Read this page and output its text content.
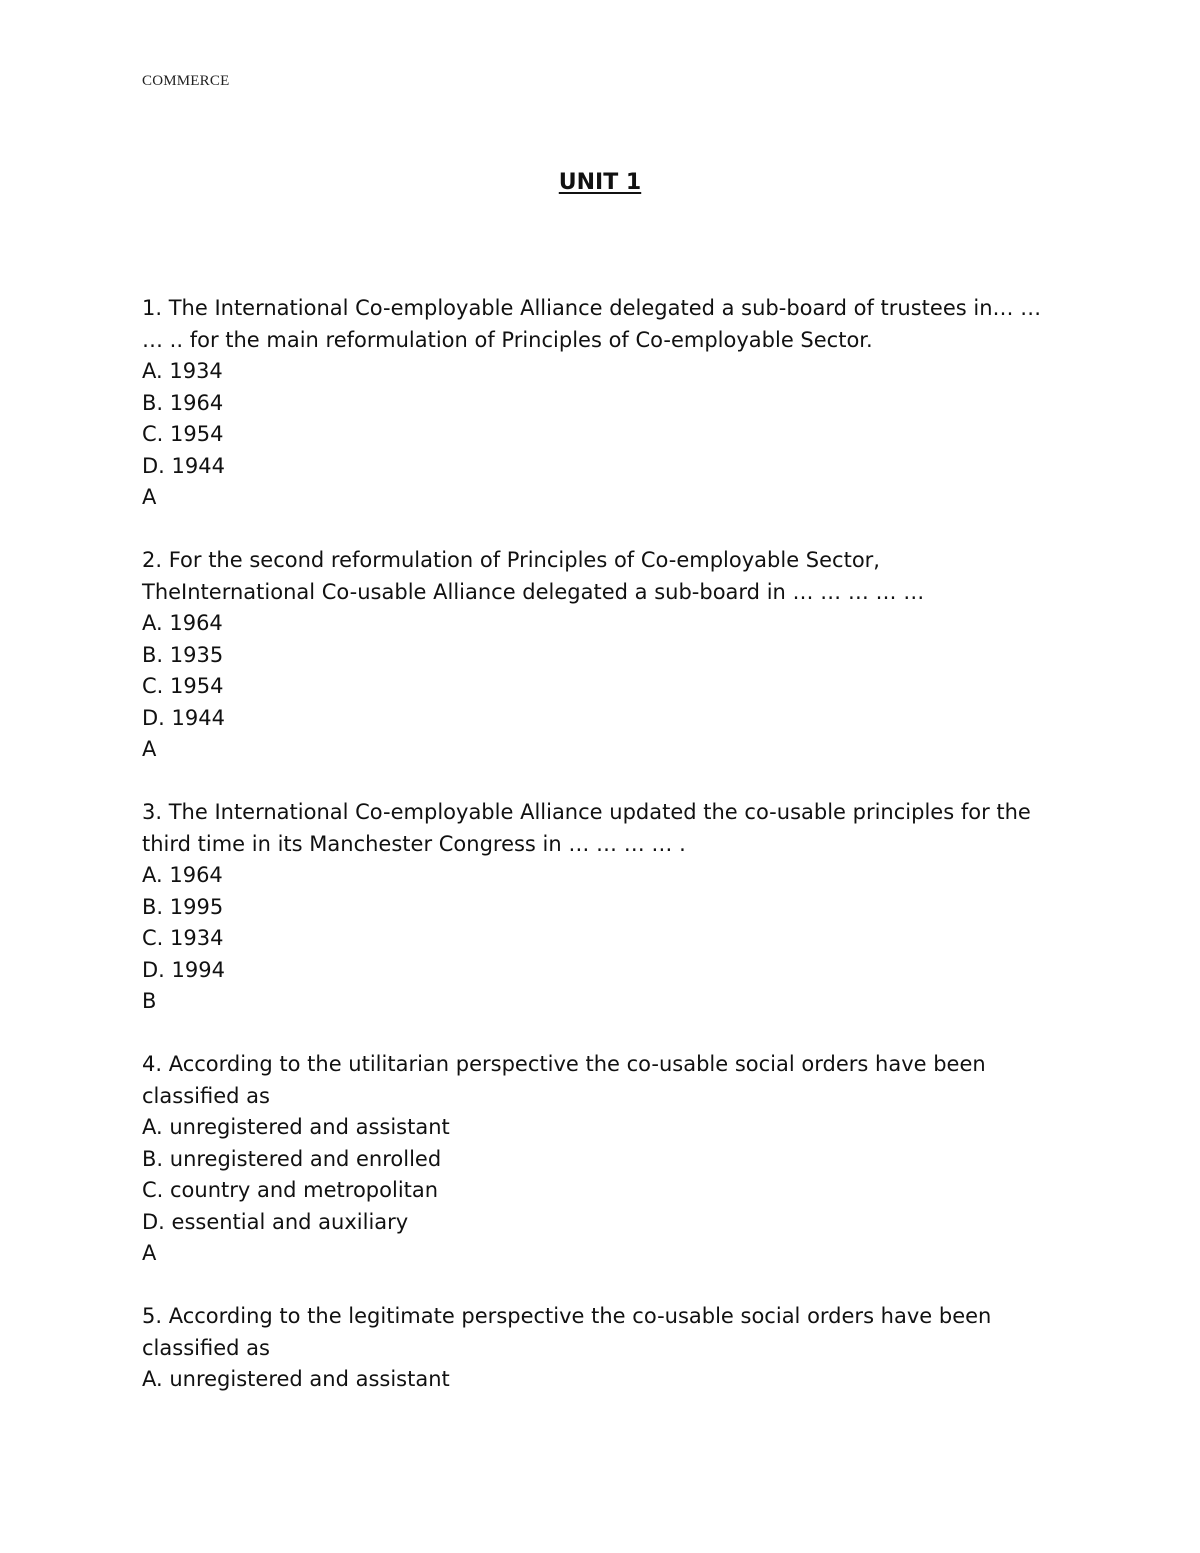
COMMERCE
UNIT 1
1. The International Co-employable Alliance delegated a sub-board of trustees in… …
… .. for the main reformulation of Principles of Co-employable Sector.
A. 1934
B. 1964
C. 1954
D. 1944
A
2. For the second reformulation of Principles of Co-employable Sector,
TheInternational Co-usable Alliance delegated a sub-board in … … … … …
A. 1964
B. 1935
C. 1954
D. 1944
A
3. The International Co-employable Alliance updated the co-usable principles for the
third time in its Manchester Congress in … … … … .
A. 1964
B. 1995
C. 1934
D. 1994
B
4. According to the utilitarian perspective the co-usable social orders have been
classified as
A. unregistered and assistant
B. unregistered and enrolled
C. country and metropolitan
D. essential and auxiliary
A
5. According to the legitimate perspective the co-usable social orders have been
classified as
A. unregistered and assistant
